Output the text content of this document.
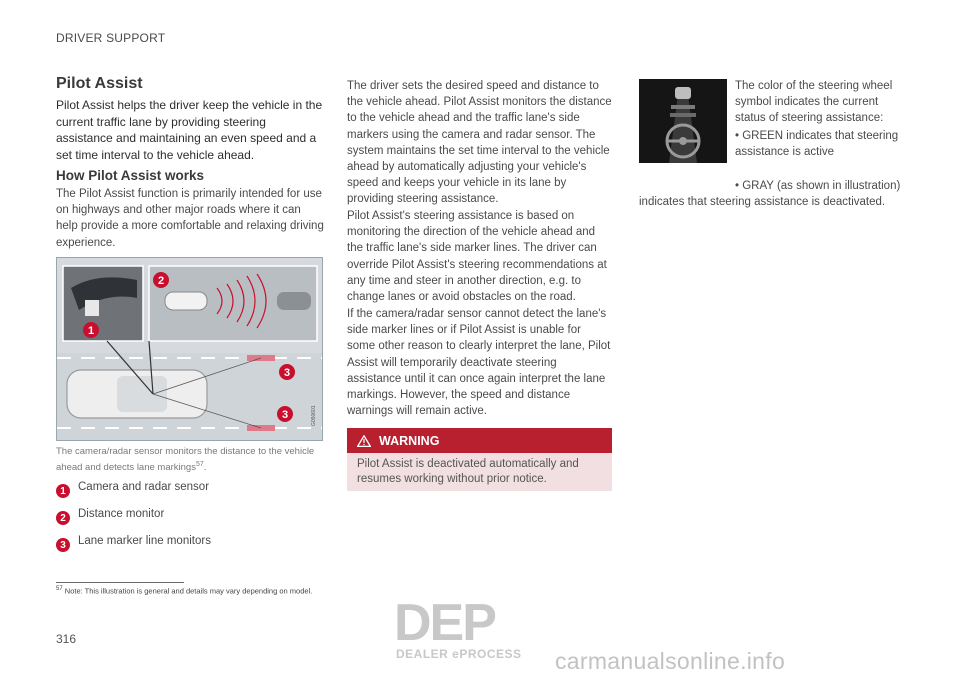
DRIVER SUPPORT
Pilot Assist
Pilot Assist helps the driver keep the vehicle in the current traffic lane by providing steering assistance and maintaining an even speed and a set time interval to the vehicle ahead.
How Pilot Assist works
The Pilot Assist function is primarily intended for use on highways and other major roads where it can help provide a more comfortable and relaxing driving experience.
1
2
3
3	G050601
The camera/radar sensor monitors the distance to the vehicle ahead and detects lane markings$^{57}$.
1	Camera and radar sensor
2	Distance monitor
3	Lane marker line monitors
The driver sets the desired speed and distance to the vehicle ahead. Pilot Assist monitors the distance to the vehicle ahead and the traffic lane's side markers using the camera and radar sensor. The system maintains the set time interval to the vehicle ahead by automatically adjusting your vehicle's speed and keeps your vehicle in its lane by providing steering assistance.
Pilot Assist's steering assistance is based on monitoring the direction of the vehicle ahead and the traffic lane's side marker lines. The driver can override Pilot Assist's steering recommendations at any time and steer in another direction, e.g. to change lanes or avoid obstacles on the road.
If the camera/radar sensor cannot detect the lane's side marker lines or if Pilot Assist is unable for some other reason to clearly interpret the lane, Pilot Assist will temporarily deactivate steering assistance until it can once again interpret the lane markings. However, the speed and distance warnings will remain active.
WARNING
Pilot Assist is deactivated automatically and resumes working without prior notice.
The color of the steering wheel symbol indicates the current status of steering assistance:
• GREEN indicates that steering assistance is active
• GRAY (as shown in illustration) indicates that steering assistance is deactivated.
$^{57}$ Note: This illustration is general and details may vary depending on model.
316	DEP
DEALER ePROCESS carmanualsonline.info
